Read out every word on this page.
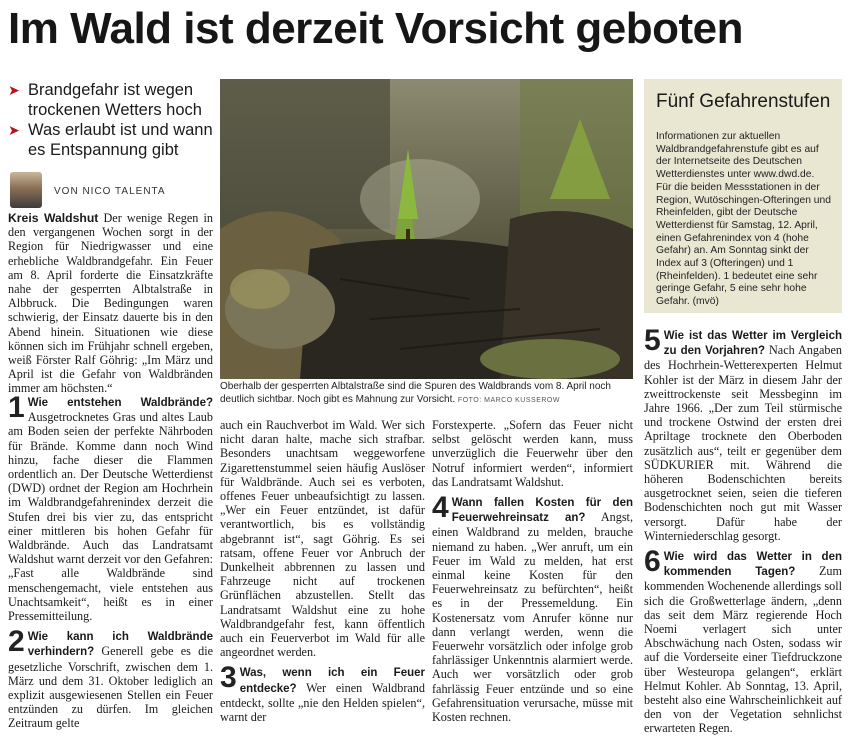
Im Wald ist derzeit Vorsicht geboten
➤ Brandgefahr ist wegen trockenen Wetters hoch
➤ Was erlaubt ist und wann es Entspannung gibt
VON NICO TALENTA

Kreis Waldshut Der wenige Regen in den vergangenen Wochen sorgt in der Region für Niedrigwasser und eine erhebliche Waldbrandgefahr. Ein Feuer am 8. April forderte die Einsatzkräfte nahe der gesperrten Albtalstraße in Albbruck. Die Bedingungen waren schwierig, der Einsatz dauerte bis in den Abend hinein. Situationen wie diese können sich im Frühjahr schnell ergeben, weiß Förster Ralf Göhrig: „Im März und April ist die Gefahr von Waldbränden immer am höchsten.“

1 Wie entstehen Waldbrände? Ausgetrocknetes Gras und altes Laub am Boden seien der perfekte Nährboden für Brände. Komme dann noch Wind hinzu, fache dieser die Flammen ordentlich an. Der Deutsche Wetterdienst (DWD) ordnet der Region am Hochrhein im Waldbrandgefahrenindex derzeit die Stufen drei bis vier zu, das entspricht einer mittleren bis hohen Gefahr für Waldbrände. Auch das Landratsamt Waldshut warnt derzeit vor den Gefahren: „Fast alle Waldbrände sind menschengemacht, viele entstehen aus Unachtsamkeit“, heißt es in einer Pressemitteilung.
2 Wie kann ich Waldbrände verhindern? Generell gebe es die gesetzliche Vorschrift, zwischen dem 1. März und dem 31. Oktober lediglich an explizit ausgewiesenen Stellen ein Feuer entzünden zu dürfen. Im gleichen Zeitraum gelte
Oberhalb der gesperrten Albtalstraße sind die Spuren des Waldbrands vom 8. April noch deutlich sichtbar. Noch gibt es Mahnung zur Vorsicht. FOTO: MARCO KUSSEROW

auch ein Rauchverbot im Wald. Wer sich nicht daran halte, mache sich strafbar. Besonders unachtsam weggeworfene Zigarettenstummel seien häufig Auslöser für Waldbrände. Auch sei es verboten, offenes Feuer unbeaufsichtigt zu lassen. „Wer ein Feuer entzündet, ist dafür verantwortlich, bis es vollständig abgebrannt ist“, sagt Göhrig. Es sei ratsam, offene Feuer vor Anbruch der Dunkelheit abbrennen zu lassen und Fahrzeuge nicht auf trockenen Grünflächen abzustellen. Stellt das Landratsamt Waldshut eine zu hohe Waldbrandgefahr fest, kann öffentlich auch ein Feuerverbot im Wald für alle angeordnet werden.

3 Was, wenn ich ein Feuer entdecke? Wer einen Waldbrand entdeckt, sollte „nie den Helden spielen“, warnt der

Forstexperte. „Sofern das Feuer nicht selbst gelöscht werden kann, muss unverzüglich die Feuerwehr über den Notruf informiert werden“, informiert das Landratsamt Waldshut.

4 Wann fallen Kosten für den Feuerwehreinsatz an? Angst, einen Waldbrand zu melden, brauche niemand zu haben. „Wer anruft, um ein Feuer im Wald zu melden, hat erst einmal keine Kosten für den Feuerwehreinsatz zu befürchten“, heißt es in der Pressemeldung. Ein Kostenersatz vom Anrufer könne nur dann verlangt werden, wenn die Feuerwehr vorsätzlich oder infolge grob fahrlässiger Unkenntnis alarmiert werde. Auch wer vorsätzlich oder grob fahrlässig Feuer entzünde und so eine Gefahrensituation verursache, müsse mit Kosten rechnen.
Fünf Gefahrenstufen
Informationen zur aktuellen Waldbrandgefahrenstufe gibt es auf der Internetseite des Deutschen Wetterdienstes unter www.dwd.de. Für die beiden Messstationen in der Region, Wutöschingen-Ofteringen und Rheinfelden, gibt der Deutsche Wetterdienst für Samstag, 12. April, einen Gefahrenindex von 4 (hohe Gefahr) an. Am Sonntag sinkt der Index auf 3 (Ofteringen) und 1 (Rheinfelden). 1 bedeutet eine sehr geringe Gefahr, 5 eine sehr hohe Gefahr. (mvö)
5 Wie ist das Wetter im Vergleich zu den Vorjahren? Nach Angaben des Hochrhein-Wetterexperten Helmut Kohler ist der März in diesem Jahr der zweittrockenste seit Messbeginn im Jahre 1966. „Der zum Teil stürmische und trockene Ostwind der ersten drei Apriltage trocknete den Oberboden zusätzlich aus“, teilt er gegenüber dem SÜDKURIER mit. Während die höheren Bodenschichten bereits ausgetrocknet seien, seien die tieferen Bodenschichten noch gut mit Wasser versorgt. Dafür habe der Winterniederschlag gesorgt.
6 Wie wird das Wetter in den kommenden Tagen? Zum kommenden Wochenende allerdings soll sich die Großwetterlage ändern, „denn das seit dem März regierende Hoch Noemi verlagert sich unter Abschwächung nach Osten, sodass wir auf die Vorderseite einer Tiefdruckzone über Westeuropa gelangen“, erklärt Helmut Kohler. Ab Sonntag, 13. April, besteht also eine Wahrscheinlichkeit auf den von der Vegetation sehnlichst erwarteten Regen.
